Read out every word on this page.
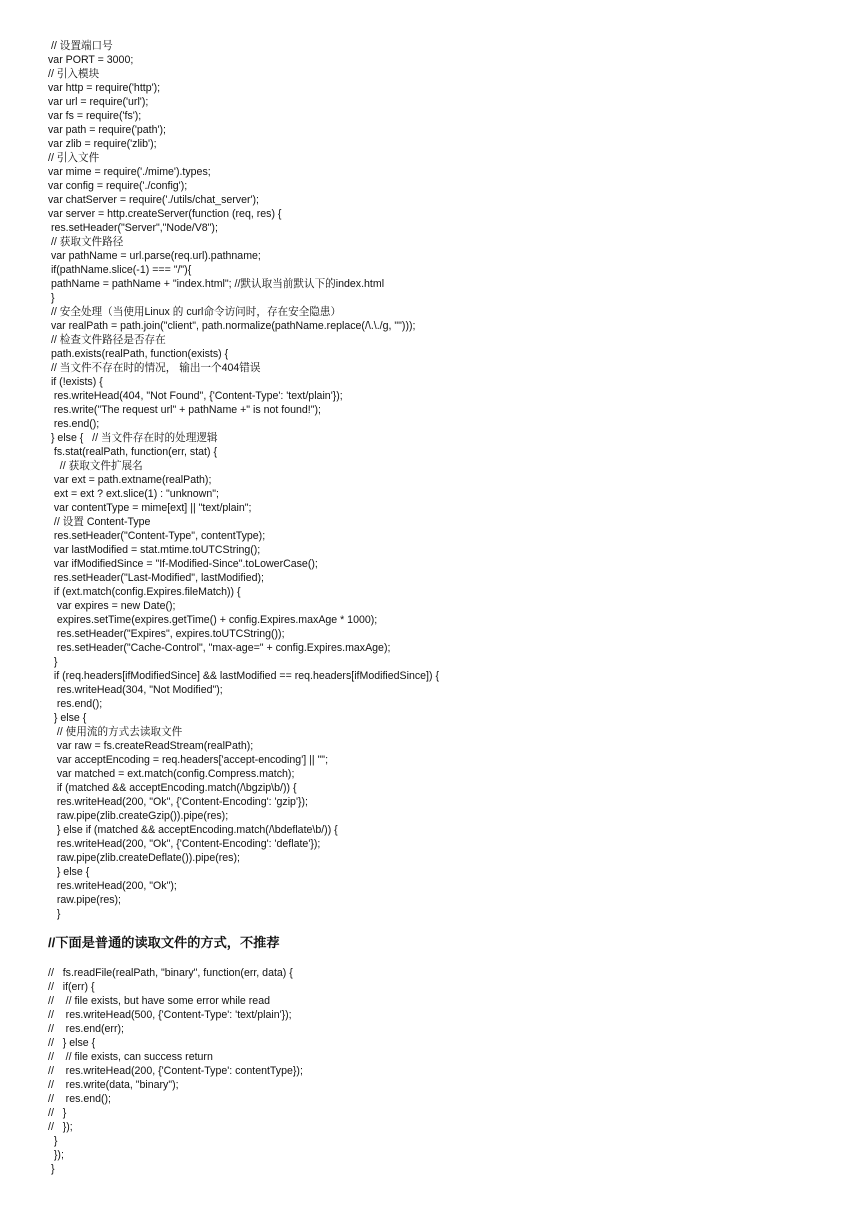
// 设置端口号
var PORT = 3000;
// 引入模块
var http = require('http');
var url = require('url');
var fs = require('fs');
var path = require('path');
var zlib = require('zlib');
// 引入文件
var mime = require('./mime').types;
var config = require('./config');
var chatServer = require('./utils/chat_server');
var server = http.createServer(function (req, res) {
res.setHeader("Server","Node/V8");
// 获取文件路径
var pathName = url.parse(req.url).pathname;
if(pathName.slice(-1) === "/"){
pathName = pathName + "index.html"; //默认取当前默认下的index.html
}
// 安全处理（当使用Linux 的 curl命令访问时，存在安全隐患）
var realPath = path.join("client", path.normalize(pathName.replace(/\.\./g, "")));
// 检查文件路径是否存在
path.exists(realPath, function(exists) {
// 当文件不存在时的情况， 输出一个404错误
if (!exists) {
res.writeHead(404, "Not Found", {'Content-Type': 'text/plain'});
res.write("The request url" + pathName +" is not found!");
res.end();
} else {   // 当文件存在时的处理逻辑
fs.stat(realPath, function(err, stat) {
// 获取文件扩展名
var ext = path.extname(realPath);
ext = ext ? ext.slice(1) : "unknown";
var contentType = mime[ext] || "text/plain";
// 设置 Content-Type
res.setHeader("Content-Type", contentType);
var lastModified = stat.mtime.toUTCString();
var ifModifiedSince = "If-Modified-Since".toLowerCase();
res.setHeader("Last-Modified", lastModified);
if (ext.match(config.Expires.fileMatch)) {
var expires = new Date();
expires.setTime(expires.getTime() + config.Expires.maxAge * 1000);
res.setHeader("Expires", expires.toUTCString());
res.setHeader("Cache-Control", "max-age=" + config.Expires.maxAge);
}
if (req.headers[ifModifiedSince] && lastModified == req.headers[ifModifiedSince]) {
res.writeHead(304, "Not Modified");
res.end();
} else {
// 使用流的方式去读取文件
var raw = fs.createReadStream(realPath);
var acceptEncoding = req.headers['accept-encoding'] || "";
var matched = ext.match(config.Compress.match);
if (matched && acceptEncoding.match(/\bgzip\b/)) {
res.writeHead(200, "Ok", {'Content-Encoding': 'gzip'});
raw.pipe(zlib.createGzip()).pipe(res);
} else if (matched && acceptEncoding.match(/\bdeflate\b/)) {
res.writeHead(200, "Ok", {'Content-Encoding': 'deflate'});
raw.pipe(zlib.createDeflate()).pipe(res);
} else {
res.writeHead(200, "Ok");
raw.pipe(res);
}
//下面是普通的读取文件的方式，不推荐
//   fs.readFile(realPath, "binary", function(err, data) {
//   if(err) {
//    // file exists, but have some error while read
//    res.writeHead(500, {'Content-Type': 'text/plain'});
//    res.end(err);
//   } else {
//    // file exists, can success return
//    res.writeHead(200, {'Content-Type': contentType});
//    res.write(data, "binary");
//    res.end();
//   }
//   });
}
});
}
